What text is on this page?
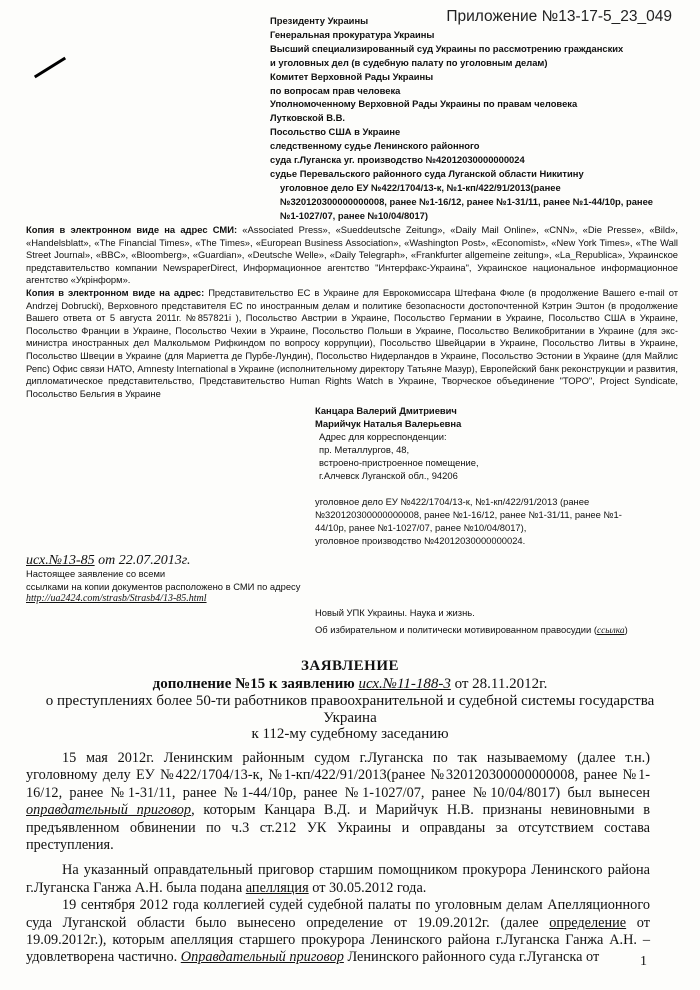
Приложение №13-17-5_23_049
Президенту Украины
Генеральная прокуратура Украины
Высший специализированный суд Украины по рассмотрению гражданских
и уголовных дел (в судебную палату по уголовным делам)
Комитет Верховной Рады Украины
по вопросам прав человека
Уполномоченному Верховной Рады Украины по правам человека
Лутковской В.В.
Посольство США в Украине
следственному судье Ленинского районного
суда г.Луганска уг. производство №42012030000000024
судье Перевальского районного суда Луганской области Никитину
уголовное дело ЕУ №422/1704/13-к, №1-кп/422/91/2013(ранее
№320120300000000008, ранее №1-16/12, ранее №1-31/11, ранее №1-44/10р, ранее
№1-1027/07, ранее №10/04/8017)

Копия в электронном виде на адрес СМИ: «Associated Press», «Sueddeutsche Zeitung», «Daily Mail Online», «CNN», «Die Presse», «Bild», «Handelsblatt», «The Financial Times», «The Times», «European Business Association», «Washington Post», «Economist», «New York Times», «The Wall Street Journal», «BBC», «Bloomberg», «Guardian», «Deutsche Welle», «Daily Telegraph», «Frankfurter allgemeine zeitung», «La_Republica», Украинское представительство компании NewspaperDirect, Информационное агентство "Интерфакс-Украина", Украинское национальное информационное агентство «Укрінформ».

Копия в электронном виде на адрес: Представительство ЕС в Украине для Еврокомиссара Штефана Фюле (в продолжение Вашего e-mail от Andrzej Dobrucki), Верховного представителя ЕС по иностранным делам и политике безопасности достопочтенной Кэтрин Эштон (в продолжение Вашего ответа от 5 августа 2011г. №857821і ), Посольство Австрии в Украине, Посольство Германии в Украине, Посольство США в Украине, Посольство Франции в Украине, Посольство Чехии в Украине, Посольство Польши в Украине, Посольство Великобритании в Украине (для экс-министра иностранных дел Малкольмом Рифкиндом по вопросу коррупции), Посольство Швейцарии в Украине, Посольство Литвы в Украине, Посольство Швеции в Украине (для Мариетта де Пурбе-Лундин), Посольство Нидерландов в Украине, Посольство Эстонии в Украине (для Майлис Репс) Офис связи НАТО, Amnesty International в Украине (исполнительному директору Татьяне Мазур), Европейский банк реконструкции и развития, дипломатическое представительство, Представительство Human Rights Watch в Украине, Творческое объединение "ТОРО", Project Syndicate, Посольство Бельгия в Украине

Канцара Валерий Дмитриевич
Марийчук Наталья Валерьевна
Адрес для корреспонденции:
пр. Металлургов, 48,
встроено-пристроенное помещение,
г.Алчевск Луганской обл., 94206
уголовное дело ЕУ №422/1704/13-к, №1-кп/422/91/2013 (ранее
№320120300000000008, ранее №1-16/12, ранее №1-31/11, ранее №1-
44/10р, ранее №1-1027/07, ранее №10/04/8017),
уголовное производство №42012030000000024.
исх.№13-85 от 22.07.2013г.
Настоящее заявление со всеми
ссылками на копии документов расположено в СМИ по адресу
http://ua2424.com/strasb/Strasb4/13-85.html
Новый УПК Украины. Наука и жизнь.
Об избирательном и политически мотивированном правосудии (ссылка)
ЗАЯВЛЕНИЕ
дополнение №15 к заявлению исх.№11-188-3 от 28.11.2012г.
о преступлениях более 50-ти работников правоохранительной и судебной системы государства
Украина
к 112-му судебному заседанию

15 мая 2012г. Ленинским районным судом г.Луганска по так называемому (далее т.н.) уголовному делу ЕУ №422/1704/13-к, №1-кп/422/91/2013(ранее №320120300000000008, ранее №1-16/12, ранее №1-31/11, ранее №1-44/10р, ранее №1-1027/07, ранее №10/04/8017) был вынесен оправдательный приговор, которым Канцара В.Д. и Марийчук Н.В. признаны невиновными в предъявленном обвинении по ч.3 ст.212 УК Украины и оправданы за отсутствием состава преступления.

На указанный оправдательный приговор старшим помощником прокурора Ленинского района г.Луганска Ганжа А.Н. была подана апелляция от 30.05.2012 года.

19 сентября 2012 года коллегией судей судебной палаты по уголовным делам Апелляционного суда Луганской области было вынесено определение от 19.09.2012г. (далее определение от 19.09.2012г.), которым апелляция старшего прокурора Ленинского района г.Луганска Ганжа А.Н. – удовлетворена частично. Оправдательный приговор Ленинского районного суда г.Луганска от	1
